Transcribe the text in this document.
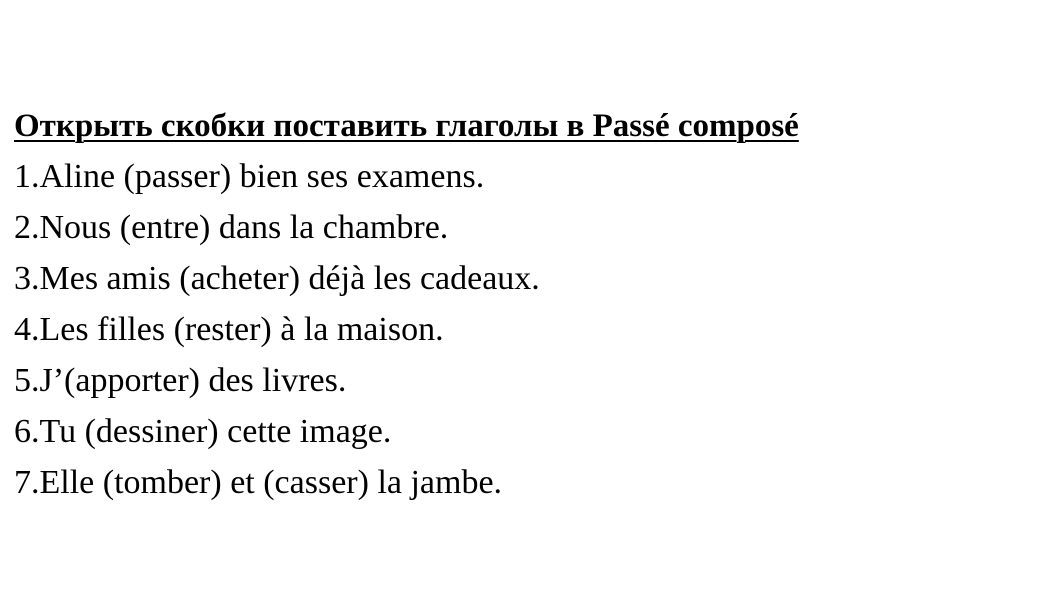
Открыть скобки поставить глаголы в Passé composé
1.Aline (passer) bien ses examens.
2.Nous (entre) dans la chambre.
3.Mes amis (acheter) déjà les cadeaux.
4.Les filles (rester) à la maison.
5.J’(apporter) des livres.
6.Tu (dessiner) cette image.
7.Elle (tomber) et (casser) la jambe.
